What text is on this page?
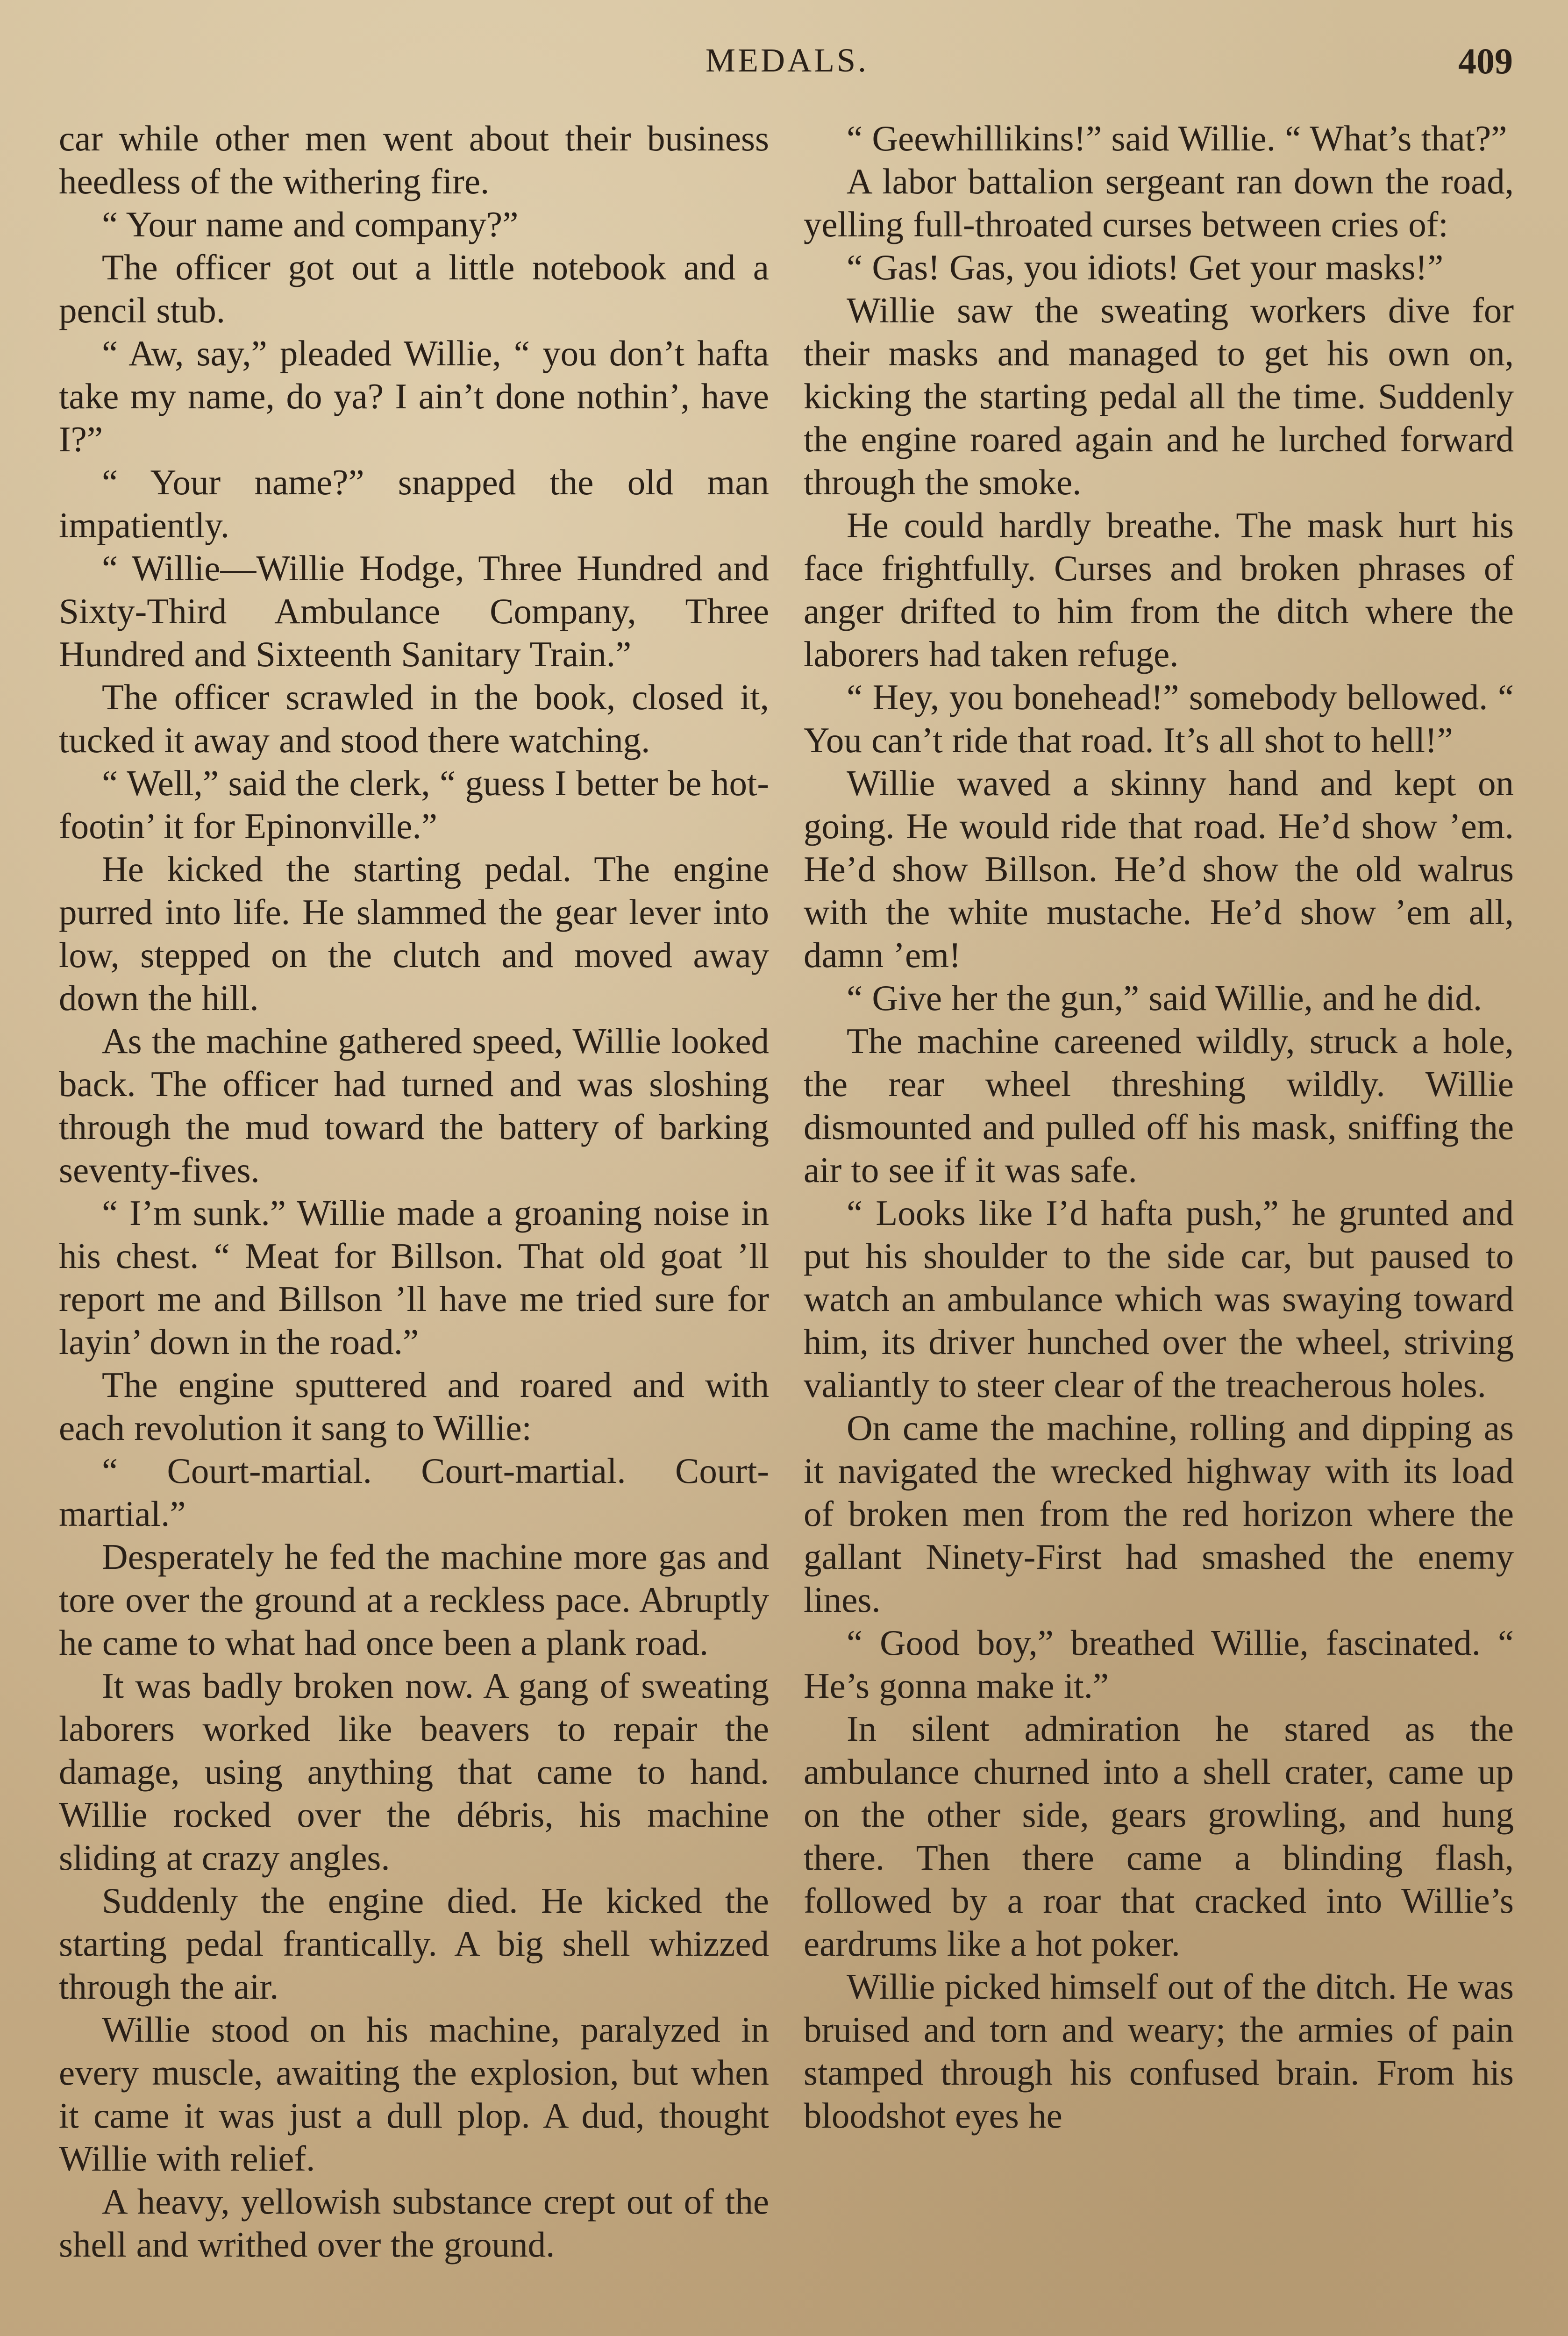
MEDALS.	409

car while other men went about their business heedless of the withering fire.

“ Your name and company?”

The officer got out a little notebook and a pencil stub.

“ Aw, say,” pleaded Willie, “ you don’t hafta take my name, do ya? I ain’t done nothin’, have I?”

“ Your name?” snapped the old man impatiently.

“ Willie—Willie Hodge, Three Hundred and Sixty-Third Ambulance Company, Three Hundred and Sixteenth Sanitary Train.”

The officer scrawled in the book, closed it, tucked it away and stood there watching.

“ Well,” said the clerk, “ guess I better be hot-footin’ it for Epinonville.”

He kicked the starting pedal. The engine purred into life. He slammed the gear lever into low, stepped on the clutch and moved away down the hill.

As the machine gathered speed, Willie looked back. The officer had turned and was sloshing through the mud toward the battery of barking seventy-fives.

“ I’m sunk.” Willie made a groaning noise in his chest. “ Meat for Billson. That old goat ’ll report me and Billson ’ll have me tried sure for layin’ down in the road.”

The engine sputtered and roared and with each revolution it sang to Willie:

“ Court-martial. Court-martial. Court-martial.”

Desperately he fed the machine more gas and tore over the ground at a reckless pace. Abruptly he came to what had once been a plank road.

It was badly broken now. A gang of sweating laborers worked like beavers to repair the damage, using anything that came to hand. Willie rocked over the débris, his machine sliding at crazy angles.

Suddenly the engine died. He kicked the starting pedal frantically. A big shell whizzed through the air.

Willie stood on his machine, paralyzed in every muscle, awaiting the explosion, but when it came it was just a dull plop. A dud, thought Willie with relief.

A heavy, yellowish substance crept out of the shell and writhed over the ground.

“ Geewhillikins!” said Willie. “ What’s that?”

A labor battalion sergeant ran down the road, yelling full-throated curses between cries of:

“ Gas! Gas, you idiots! Get your masks!”

Willie saw the sweating workers dive for their masks and managed to get his own on, kicking the starting pedal all the time. Suddenly the engine roared again and he lurched forward through the smoke.

He could hardly breathe. The mask hurt his face frightfully. Curses and broken phrases of anger drifted to him from the ditch where the laborers had taken refuge.

“ Hey, you bonehead!” somebody bellowed. “ You can’t ride that road. It’s all shot to hell!”

Willie waved a skinny hand and kept on going. He would ride that road. He’d show ’em. He’d show Billson. He’d show the old walrus with the white mustache. He’d show ’em all, damn ’em!

“ Give her the gun,” said Willie, and he did.

The machine careened wildly, struck a hole, the rear wheel threshing wildly. Willie dismounted and pulled off his mask, sniffing the air to see if it was safe.

“ Looks like I’d hafta push,” he grunted and put his shoulder to the side car, but paused to watch an ambulance which was swaying toward him, its driver hunched over the wheel, striving valiantly to steer clear of the treacherous holes.

On came the machine, rolling and dipping as it navigated the wrecked highway with its load of broken men from the red horizon where the gallant Ninety-First had smashed the enemy lines.

“ Good boy,” breathed Willie, fascinated. “ He’s gonna make it.”

In silent admiration he stared as the ambulance churned into a shell crater, came up on the other side, gears growling, and hung there. Then there came a blinding flash, followed by a roar that cracked into Willie’s eardrums like a hot poker.

Willie picked himself out of the ditch. He was bruised and torn and weary; the armies of pain stamped through his confused brain. From his bloodshot eyes he
